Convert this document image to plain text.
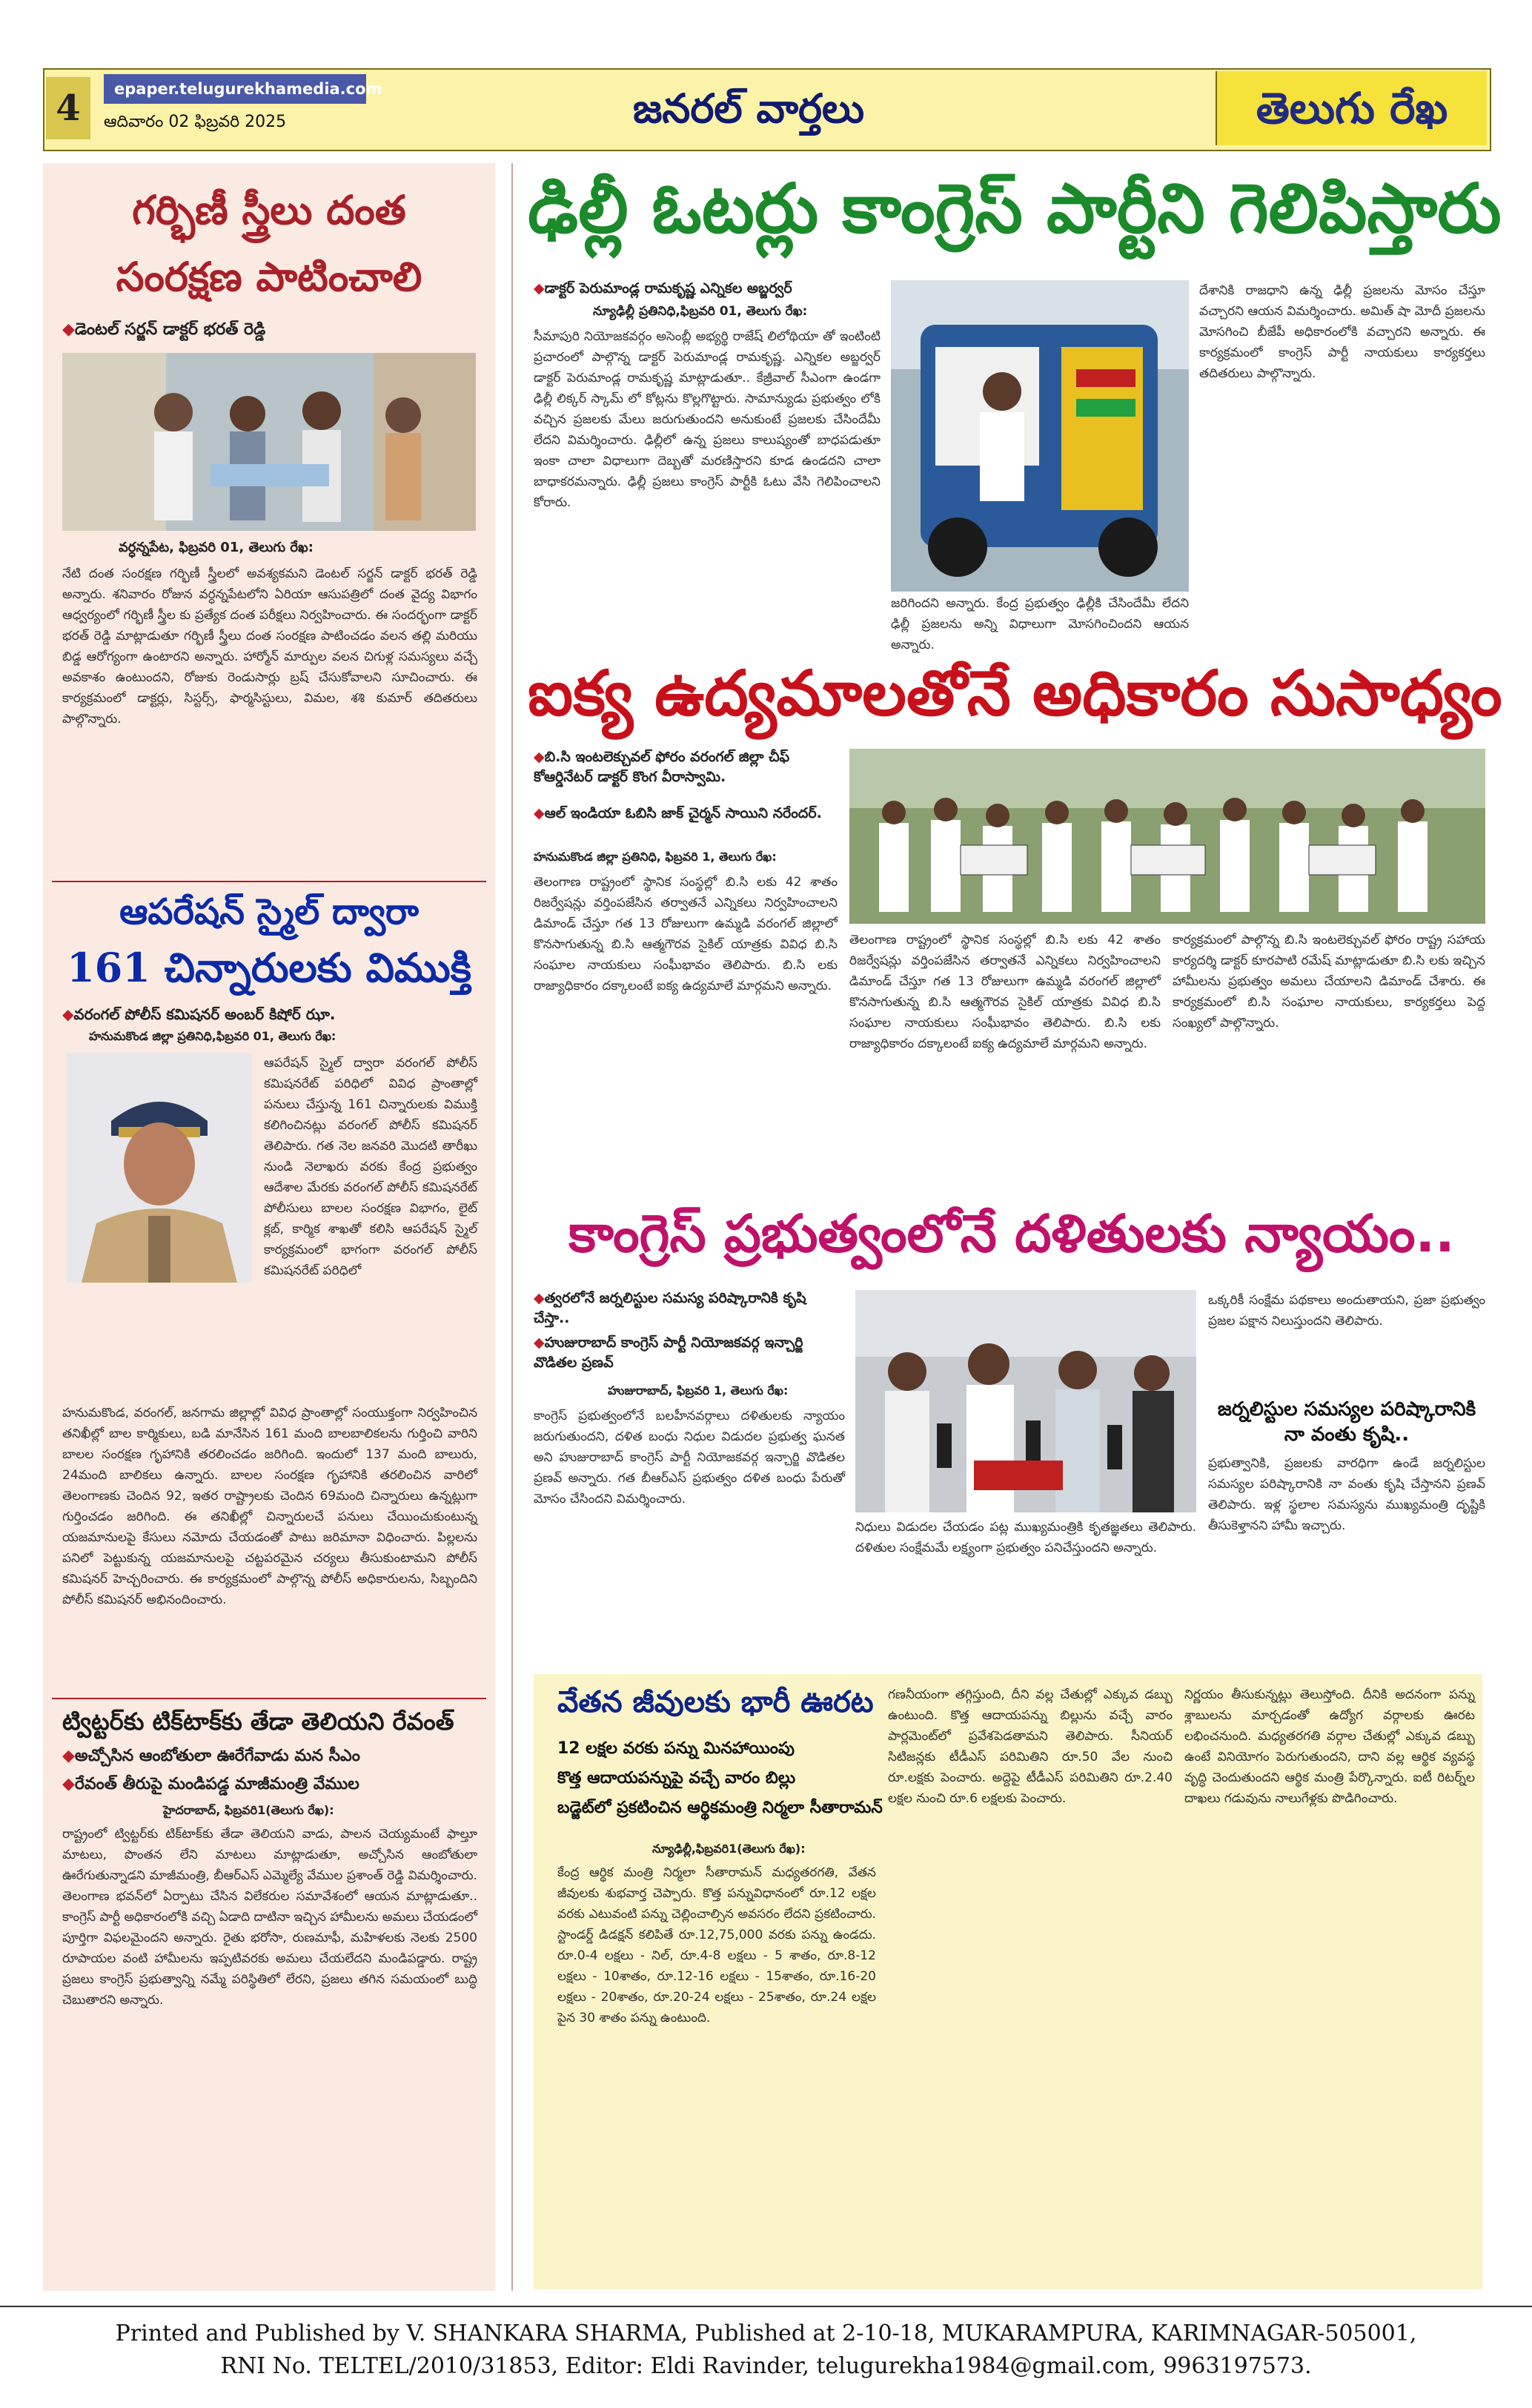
4	epaper.telugurekhamedia.com
ఆదివారం 02 ఫిబ్రవరి 2025	జనరల్ వార్తలు	తెలుగు రేఖ
గర్భిణీ స్త్రీలు దంత
సంరక్షణ పాటించాలి
◆ డెంటల్ సర్జన్ డాక్టర్ భరత్ రెడ్డి
వర్ధన్నపేట, ఫిబ్రవరి 01, తెలుగు రేఖ:
నేటి దంత సంరక్షణ గర్భిణీ స్త్రీలలో అవశ్యకమని డెంటల్ సర్జన్ డాక్టర్ భరత్ రెడ్డి అన్నారు. శనివారం రోజున వర్ధన్నపేటలోని ఏరియా ఆసుపత్రిలో దంత వైద్య విభాగం ఆధ్వర్యంలో గర్భిణీ స్త్రీల కు ప్రత్యేక దంత పరీక్షలు నిర్వహించారు. ఈ సందర్భంగా డాక్టర్ భరత్ రెడ్డి మాట్లాడుతూ గర్భిణీ స్త్రీలు దంత సంరక్షణ పాటించడం వలన తల్లి మరియు బిడ్డ ఆరోగ్యంగా ఉంటారని అన్నారు. హార్మోన్ మార్పుల వలన చిగుళ్ల సమస్యలు వచ్చే అవకాశం ఉంటుందని, రోజుకు రెండుసార్లు బ్రష్ చేసుకోవాలని సూచించారు. ఈ కార్యక్రమంలో డాక్టర్లు, సిస్టర్స్, ఫార్మసిస్టులు, విమల, శశి కుమార్ తదితరులు పాల్గొన్నారు.
ఆపరేషన్ స్మైల్ ద్వారా
161 చిన్నారులకు విముక్తి
◆ వరంగల్ పోలీస్ కమిషనర్ అంబర్ కిషోర్ ఝా.
హనుమకొండ జిల్లా ప్రతినిధి,ఫిబ్రవరి 01, తెలుగు రేఖ:
ఆపరేషన్ స్మైల్ ద్వారా వరంగల్ పోలీస్ కమిషనరేట్ పరిధిలో వివిధ ప్రాంతాల్లో పనులు చేస్తున్న 161 చిన్నారులకు విముక్తి కలిగించినట్లు వరంగల్ పోలీస్ కమిషనర్ తెలిపారు. గత నెల జనవరి మొదటి తారీఖు నుండి నెలాఖరు వరకు కేంద్ర ప్రభుత్వం ఆదేశాల మేరకు వరంగల్ పోలీస్ కమిషనరేట్ పోలీసులు బాలల సంరక్షణ విభాగం, లైట్ క్లబ్, కార్మిక శాఖతో కలిసి ఆపరేషన్ స్మైల్ కార్యక్రమంలో భాగంగా వరంగల్ పోలీస్ కమిషనరేట్ పరిధిలో
హనుమకొండ, వరంగల్, జనగామ జిల్లాల్లో వివిధ ప్రాంతాల్లో సంయుక్తంగా నిర్వహించిన తనిఖీల్లో బాల కార్మికులు, బడి మానేసిన 161 మంది బాలబాలికలను గుర్తించి వారిని బాలల సంరక్షణ గృహానికి తరలించడం జరిగింది. ఇందులో 137 మంది బాలురు, 24మంది బాలికలు ఉన్నారు. బాలల సంరక్షణ గృహానికి తరలించిన వారిలో తెలంగాణకు చెందిన 92, ఇతర రాష్ట్రాలకు చెందిన 69మంది చిన్నారులు ఉన్నట్లుగా గుర్తించడం జరిగింది. ఈ తనిఖీల్లో చిన్నారులచే పనులు చేయించుకుంటున్న యజమానులపై కేసులు నమోదు చేయడంతో పాటు జరిమానా విధించారు. పిల్లలను పనిలో పెట్టుకున్న యజమానులపై చట్టపరమైన చర్యలు తీసుకుంటామని పోలీస్ కమిషనర్ హెచ్చరించారు. ఈ కార్యక్రమంలో పాల్గొన్న పోలీస్ అధికారులను, సిబ్బందిని పోలీస్ కమిషనర్ అభినందించారు.
ట్విట్టర్‌కు టిక్‌టాక్‌కు తేడా తెలియని రేవంత్
◆ అచ్చోసిన ఆంబోతులా ఊరేగేవాడు మన సీఎం
◆ రేవంత్ తీరుపై మండిపడ్డ మాజీమంత్రి వేముల
హైదరాబాద్, ఫిబ్రవరి1(తెలుగు రేఖ):
రాష్ట్రంలో ట్విట్టర్‌కు టిక్‌టాక్‌కు తేడా తెలియని వాడు, పాలన చెయ్యమంటే ఫాల్తూ మాటలు, పొంతన లేని మాటలు మాట్లాడుతూ, అచ్చోసిన ఆంబోతులా ఊరేగుతున్నాడని మాజీమంత్రి, బీఆర్ఎస్ ఎమ్మెల్యే వేముల ప్రశాంత్ రెడ్డి విమర్శించారు. తెలంగాణ భవన్‌లో ఏర్పాటు చేసిన విలేకరుల సమావేశంలో ఆయన మాట్లాడుతూ.. కాంగ్రెస్ పార్టీ అధికారంలోకి వచ్చి ఏడాది దాటినా ఇచ్చిన హామీలను అమలు చేయడంలో పూర్తిగా విఫలమైందని అన్నారు. రైతు భరోసా, రుణమాఫీ, మహిళలకు నెలకు 2500 రూపాయల వంటి హామీలను ఇప్పటివరకు అమలు చేయలేదని మండిపడ్డారు. రాష్ట్ర ప్రజలు కాంగ్రెస్ ప్రభుత్వాన్ని నమ్మే పరిస్థితిలో లేరని, ప్రజలు తగిన సమయంలో బుద్ధి చెబుతారని అన్నారు.
ఢిల్లీ ఓటర్లు కాంగ్రెస్ పార్టీని గెలిపిస్తారు
◆ డాక్టర్ పెరుమాండ్ల రామకృష్ణ ఎన్నికల అబ్జర్వర్
న్యూఢిల్లీ ప్రతినిధి,ఫిబ్రవరి 01, తెలుగు రేఖ:
సీమాపురి నియోజకవర్గం అసెంబ్లీ అభ్యర్థి రాజేష్ లిలోథియా తో ఇంటింటి ప్రచారంలో పాల్గొన్న డాక్టర్ పెరుమాండ్ల రామకృష్ణ. ఎన్నికల అబ్జర్వర్ డాక్టర్ పెరుమాండ్ల రామకృష్ణ మాట్లాడుతూ.. కేజ్రీవాల్ సీఎంగా ఉండగా ఢిల్లీ లిక్కర్ స్కామ్ లో కోట్లను కొల్లగొట్టారు. సామాన్యుడు ప్రభుత్వం లోకి వచ్చిన ప్రజలకు మేలు జరుగుతుందని అనుకుంటే ప్రజలకు చేసిందేమీ లేదని విమర్శించారు. ఢిల్లీలో ఉన్న ప్రజలు కాలుష్యంతో బాధపడుతూ ఇంకా చాలా విధాలుగా దెబ్బతో మరణిస్తారని కూడ ఉండదని చాలా బాధాకరమన్నారు. ఢిల్లీ ప్రజలు కాంగ్రెస్ పార్టీకి ఓటు వేసి గెలిపించాలని కోరారు.
జరిగిందని అన్నారు. కేంద్ర ప్రభుత్వం ఢిల్లీకి చేసిందేమీ లేదని ఢిల్లీ ప్రజలను అన్ని విధాలుగా మోసగించిందని ఆయన అన్నారు.
దేశానికి రాజధాని ఉన్న ఢిల్లీ ప్రజలను మోసం చేస్తూ వచ్చారని ఆయన విమర్శించారు. అమిత్ షా మోదీ ప్రజలను మోసగించి బీజేపీ అధికారంలోకి వచ్చారని అన్నారు. ఈ కార్యక్రమంలో కాంగ్రెస్ పార్టీ నాయకులు కార్యకర్తలు తదితరులు పాల్గొన్నారు.
ఐక్య ఉద్యమాలతోనే అధికారం సుసాధ్యం
◆ బి.సి ఇంటలెక్చువల్ ఫోరం వరంగల్ జిల్లా చీఫ్ కోఆర్డినేటర్ డాక్టర్ కొంగ వీరాస్వామి.
◆ ఆల్ ఇండియా ఓబిసి జాక్ చైర్మన్ సాయిని నరేందర్.
హనుమకొండ జిల్లా ప్రతినిధి, ఫిబ్రవరి 1, తెలుగు రేఖ:
తెలంగాణ రాష్ట్రంలో స్థానిక సంస్థల్లో బి.సి లకు 42 శాతం రిజర్వేషన్లు వర్తింపజేసిన తర్వాతనే ఎన్నికలు నిర్వహించాలని డిమాండ్ చేస్తూ గత 13 రోజులుగా ఉమ్మడి వరంగల్ జిల్లాలో కొనసాగుతున్న బి.సి ఆత్మగౌరవ సైకిల్ యాత్రకు వివిధ బి.సి సంఘాల నాయకులు సంఘీభావం తెలిపారు. బి.సి లకు రాజ్యాధికారం దక్కాలంటే ఐక్య ఉద్యమాలే మార్గమని అన్నారు.
తెలంగాణ రాష్ట్రంలో స్థానిక సంస్థల్లో బి.సి లకు 42 శాతం రిజర్వేషన్లు వర్తింపజేసిన తర్వాతనే ఎన్నికలు నిర్వహించాలని డిమాండ్ చేస్తూ గత 13 రోజులుగా ఉమ్మడి వరంగల్ జిల్లాలో కొనసాగుతున్న బి.సి ఆత్మగౌరవ సైకిల్ యాత్రకు వివిధ బి.సి సంఘాల నాయకులు సంఘీభావం తెలిపారు. బి.సి లకు రాజ్యాధికారం దక్కాలంటే ఐక్య ఉద్యమాలే మార్గమని అన్నారు.
కార్యక్రమంలో పాల్గొన్న బి.సి ఇంటలెక్చువల్ ఫోరం రాష్ట్ర సహాయ కార్యదర్శి డాక్టర్ కూరపాటి రమేష్ మాట్లాడుతూ బి.సి లకు ఇచ్చిన హామీలను ప్రభుత్వం అమలు చేయాలని డిమాండ్ చేశారు. ఈ కార్యక్రమంలో బి.సి సంఘాల నాయకులు, కార్యకర్తలు పెద్ద సంఖ్యలో పాల్గొన్నారు.
కాంగ్రెస్ ప్రభుత్వంలోనే దళితులకు న్యాయం..
◆ త్వరలోనే జర్నలిస్టుల సమస్య పరిష్కారానికి కృషి చేస్తా..
◆ హుజురాబాద్ కాంగ్రెస్ పార్టీ నియోజకవర్గ ఇన్చార్జి వొడితల ప్రణవ్
హుజురాబాద్, ఫిబ్రవరి 1, తెలుగు రేఖ:
కాంగ్రెస్ ప్రభుత్వంలోనే బలహీనవర్గాలు దళితులకు న్యాయం జరుగుతుందని, దళిత బంధు నిధుల విడుదల ప్రభుత్వ ఘనత అని హుజురాబాద్ కాంగ్రెస్ పార్టీ నియోజకవర్గ ఇన్చార్జి వొడితల ప్రణవ్ అన్నారు. గత బీఆర్ఎస్ ప్రభుత్వం దళిత బంధు పేరుతో మోసం చేసిందని విమర్శించారు.
నిధులు విడుదల చేయడం పట్ల ముఖ్యమంత్రికి కృతజ్ఞతలు తెలిపారు. దళితుల సంక్షేమమే లక్ష్యంగా ప్రభుత్వం పనిచేస్తుందని అన్నారు.
ఒక్కరికీ సంక్షేమ పథకాలు అందుతాయని, ప్రజా ప్రభుత్వం ప్రజల పక్షాన నిలుస్తుందని తెలిపారు.
జర్నలిస్టుల సమస్యల పరిష్కారానికి నా వంతు కృషి..
ప్రభుత్వానికి, ప్రజలకు వారధిగా ఉండే జర్నలిస్టుల సమస్యల పరిష్కారానికి నా వంతు కృషి చేస్తానని ప్రణవ్ తెలిపారు. ఇళ్ల స్థలాల సమస్యను ముఖ్యమంత్రి దృష్టికి తీసుకెళ్తానని హామీ ఇచ్చారు.
వేతన జీవులకు భారీ ఊరట
12 లక్షల వరకు పన్ను మినహాయింపు
కొత్త ఆదాయపన్నుపై వచ్చే వారం బిల్లు
బడ్జెట్‌లో ప్రకటించిన ఆర్థికమంత్రి నిర్మలా సీతారామన్
న్యూఢిల్లీ,ఫిబ్రవరి1(తెలుగు రేఖ):
కేంద్ర ఆర్థిక మంత్రి నిర్మలా సీతారామన్ మధ్యతరగతి, వేతన జీవులకు శుభవార్త చెప్పారు. కొత్త పన్నువిధానంలో రూ.12 లక్షల వరకు ఎటువంటి పన్ను చెల్లించాల్సిన అవసరం లేదని ప్రకటించారు. స్టాండర్డ్ డిడక్షన్ కలిపితే రూ.12,75,000 వరకు పన్ను ఉండదు. రూ.0-4 లక్షలు - నిల్, రూ.4-8 లక్షలు - 5 శాతం, రూ.8-12 లక్షలు - 10శాతం, రూ.12-16 లక్షలు - 15శాతం, రూ.16-20 లక్షలు - 20శాతం, రూ.20-24 లక్షలు - 25శాతం, రూ.24 లక్షల పైన 30 శాతం పన్ను ఉంటుంది.
గణనీయంగా తగ్గిస్తుంది, దీని వల్ల చేతుల్లో ఎక్కువ డబ్బు ఉంటుంది. కొత్త ఆదాయపన్ను బిల్లును వచ్చే వారం పార్లమెంట్‌లో ప్రవేశపెడతామని తెలిపారు. సీనియర్ సిటిజన్లకు టీడీఎస్ పరిమితిని రూ.50 వేల నుంచి రూ.లక్షకు పెంచారు. అద్దెపై టీడీఎస్ పరిమితిని రూ.2.40 లక్షల నుంచి రూ.6 లక్షలకు పెంచారు.
నిర్ణయం తీసుకున్నట్లు తెలుస్తోంది. దీనికి అదనంగా పన్ను శ్లాబులను మార్చడంతో ఉద్యోగ వర్గాలకు ఊరట లభించనుంది. మధ్యతరగతి వర్గాల చేతుల్లో ఎక్కువ డబ్బు ఉంటే వినియోగం పెరుగుతుందని, దాని వల్ల ఆర్థిక వ్యవస్థ వృద్ధి చెందుతుందని ఆర్థిక మంత్రి పేర్కొన్నారు. ఐటీ రిటర్న్‌ల దాఖలు గడువును నాలుగేళ్లకు పొడిగించారు.
Printed and Published by V. SHANKARA SHARMA, Published at 2-10-18, MUKARAMPURA, KARIMNAGAR-505001,
RNI No. TELTEL/2010/31853, Editor: Eldi Ravinder, telugurekha1984@gmail.com, 9963197573.
